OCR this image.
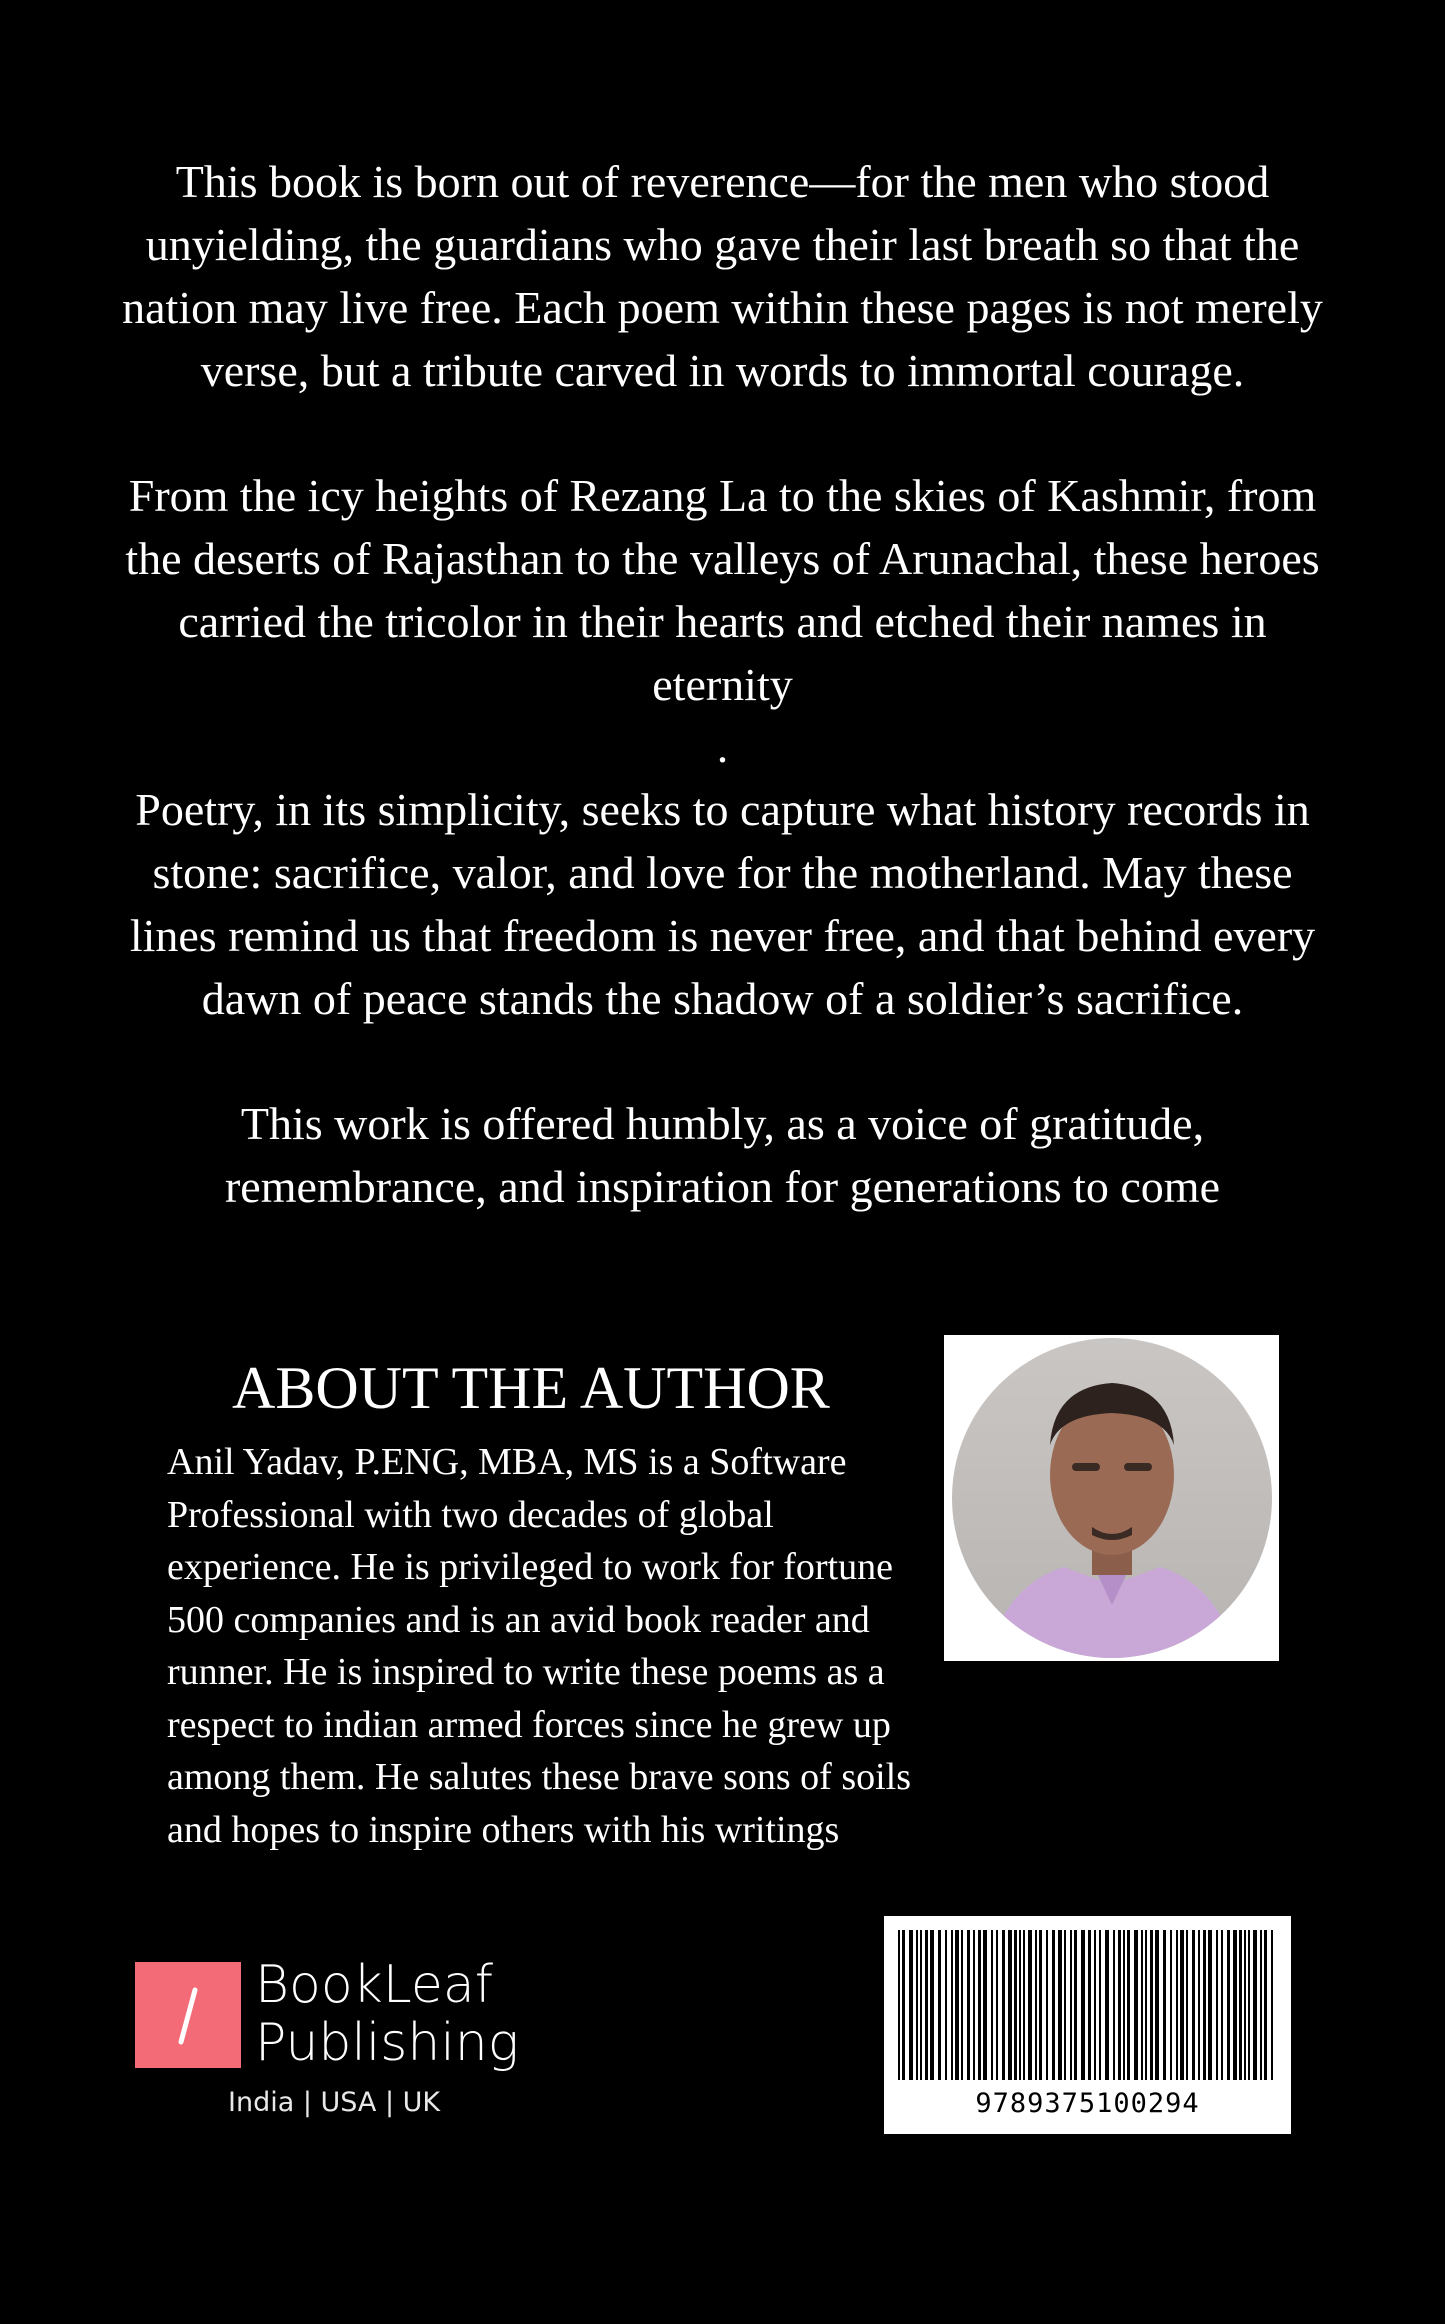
This book is born out of reverence—for the men who stood unyielding, the guardians who gave their last breath so that the nation may live free. Each poem within these pages is not merely verse, but a tribute carved in words to immortal courage.

From the icy heights of Rezang La to the skies of Kashmir, from the deserts of Rajasthan to the valleys of Arunachal, these heroes carried the tricolor in their hearts and etched their names in eternity

.

Poetry, in its simplicity, seeks to capture what history records in stone: sacrifice, valor, and love for the motherland. May these lines remind us that freedom is never free, and that behind every dawn of peace stands the shadow of a soldier’s sacrifice.

This work is offered humbly, as a voice of gratitude, remembrance, and inspiration for generations to come

ABOUT THE AUTHOR
Anil Yadav, P.ENG, MBA, MS is a Software Professional with two decades of global experience. He is privileged to work for fortune 500 companies and is an avid book reader and runner. He is inspired to write these poems as a respect to indian armed forces since he grew up among them. He salutes these brave sons of soils and hopes to inspire others with his writings
BookLeaf
Publishing
India | USA | UK	9789375100294
